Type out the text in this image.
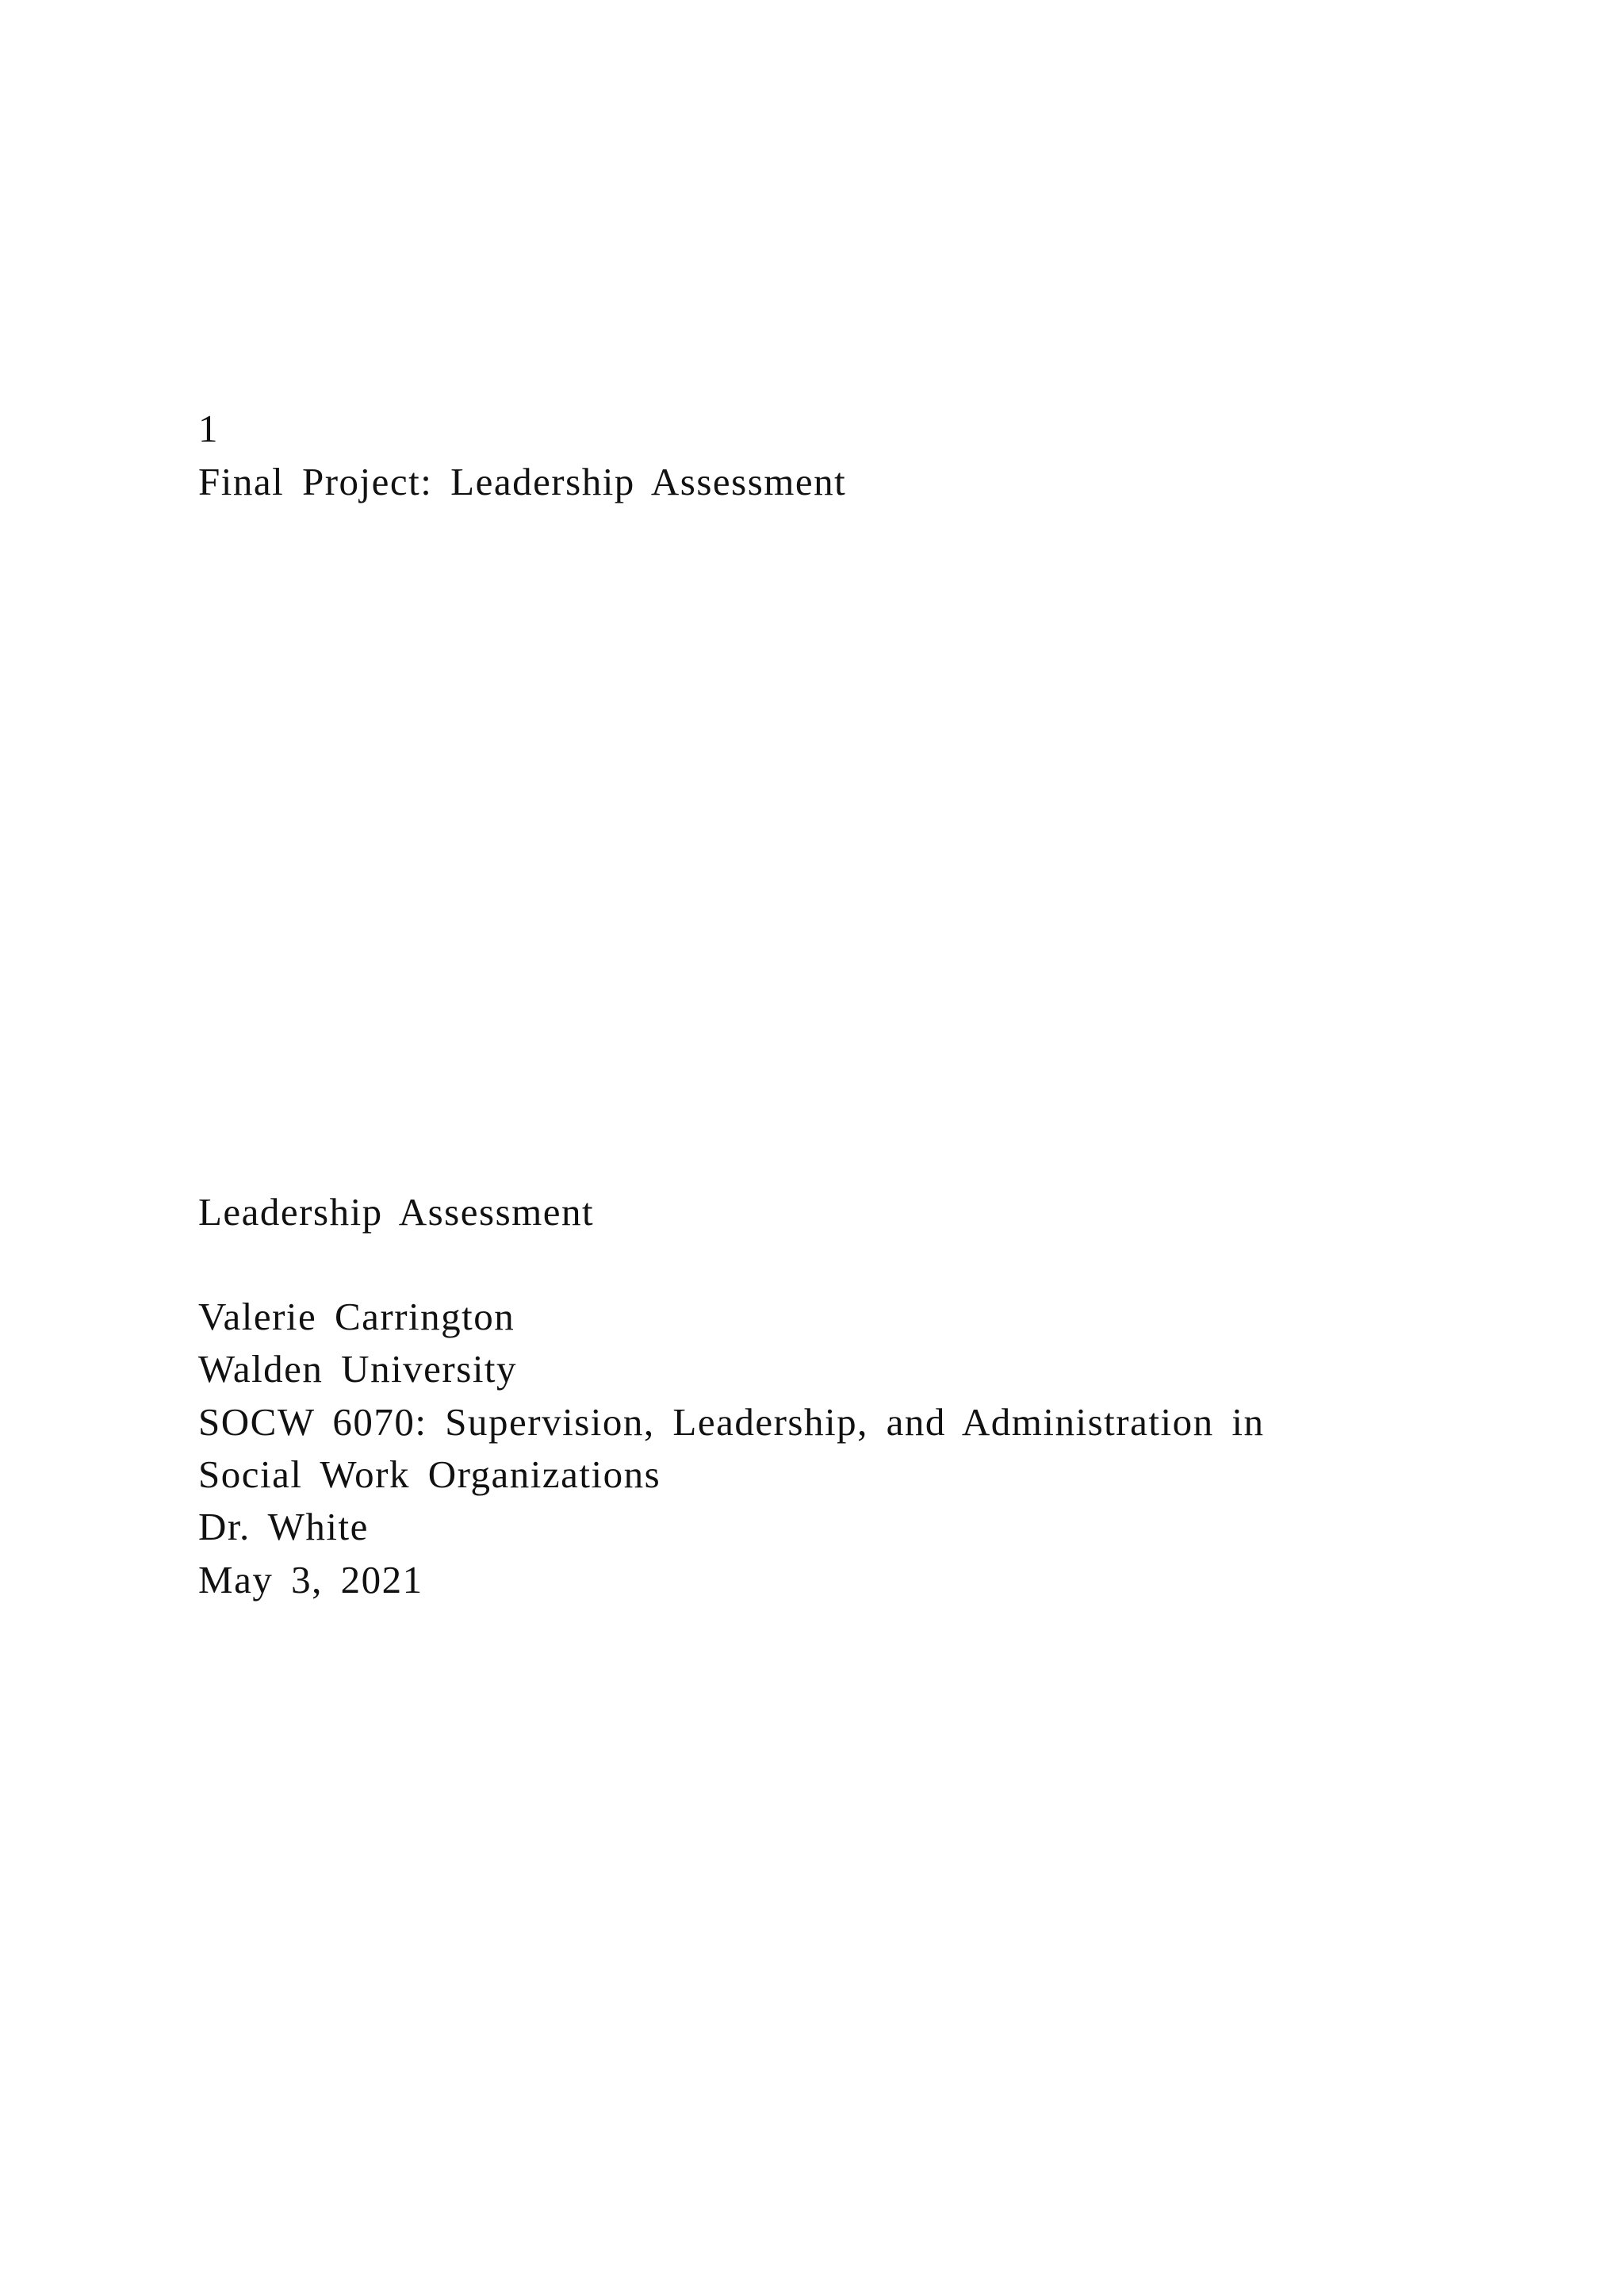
1

Final Project: Leadership Assessment

Leadership Assessment

Valerie Carrington

Walden University

SOCW 6070: Supervision, Leadership, and Administration in

Social Work Organizations

Dr. White

May 3, 2021
